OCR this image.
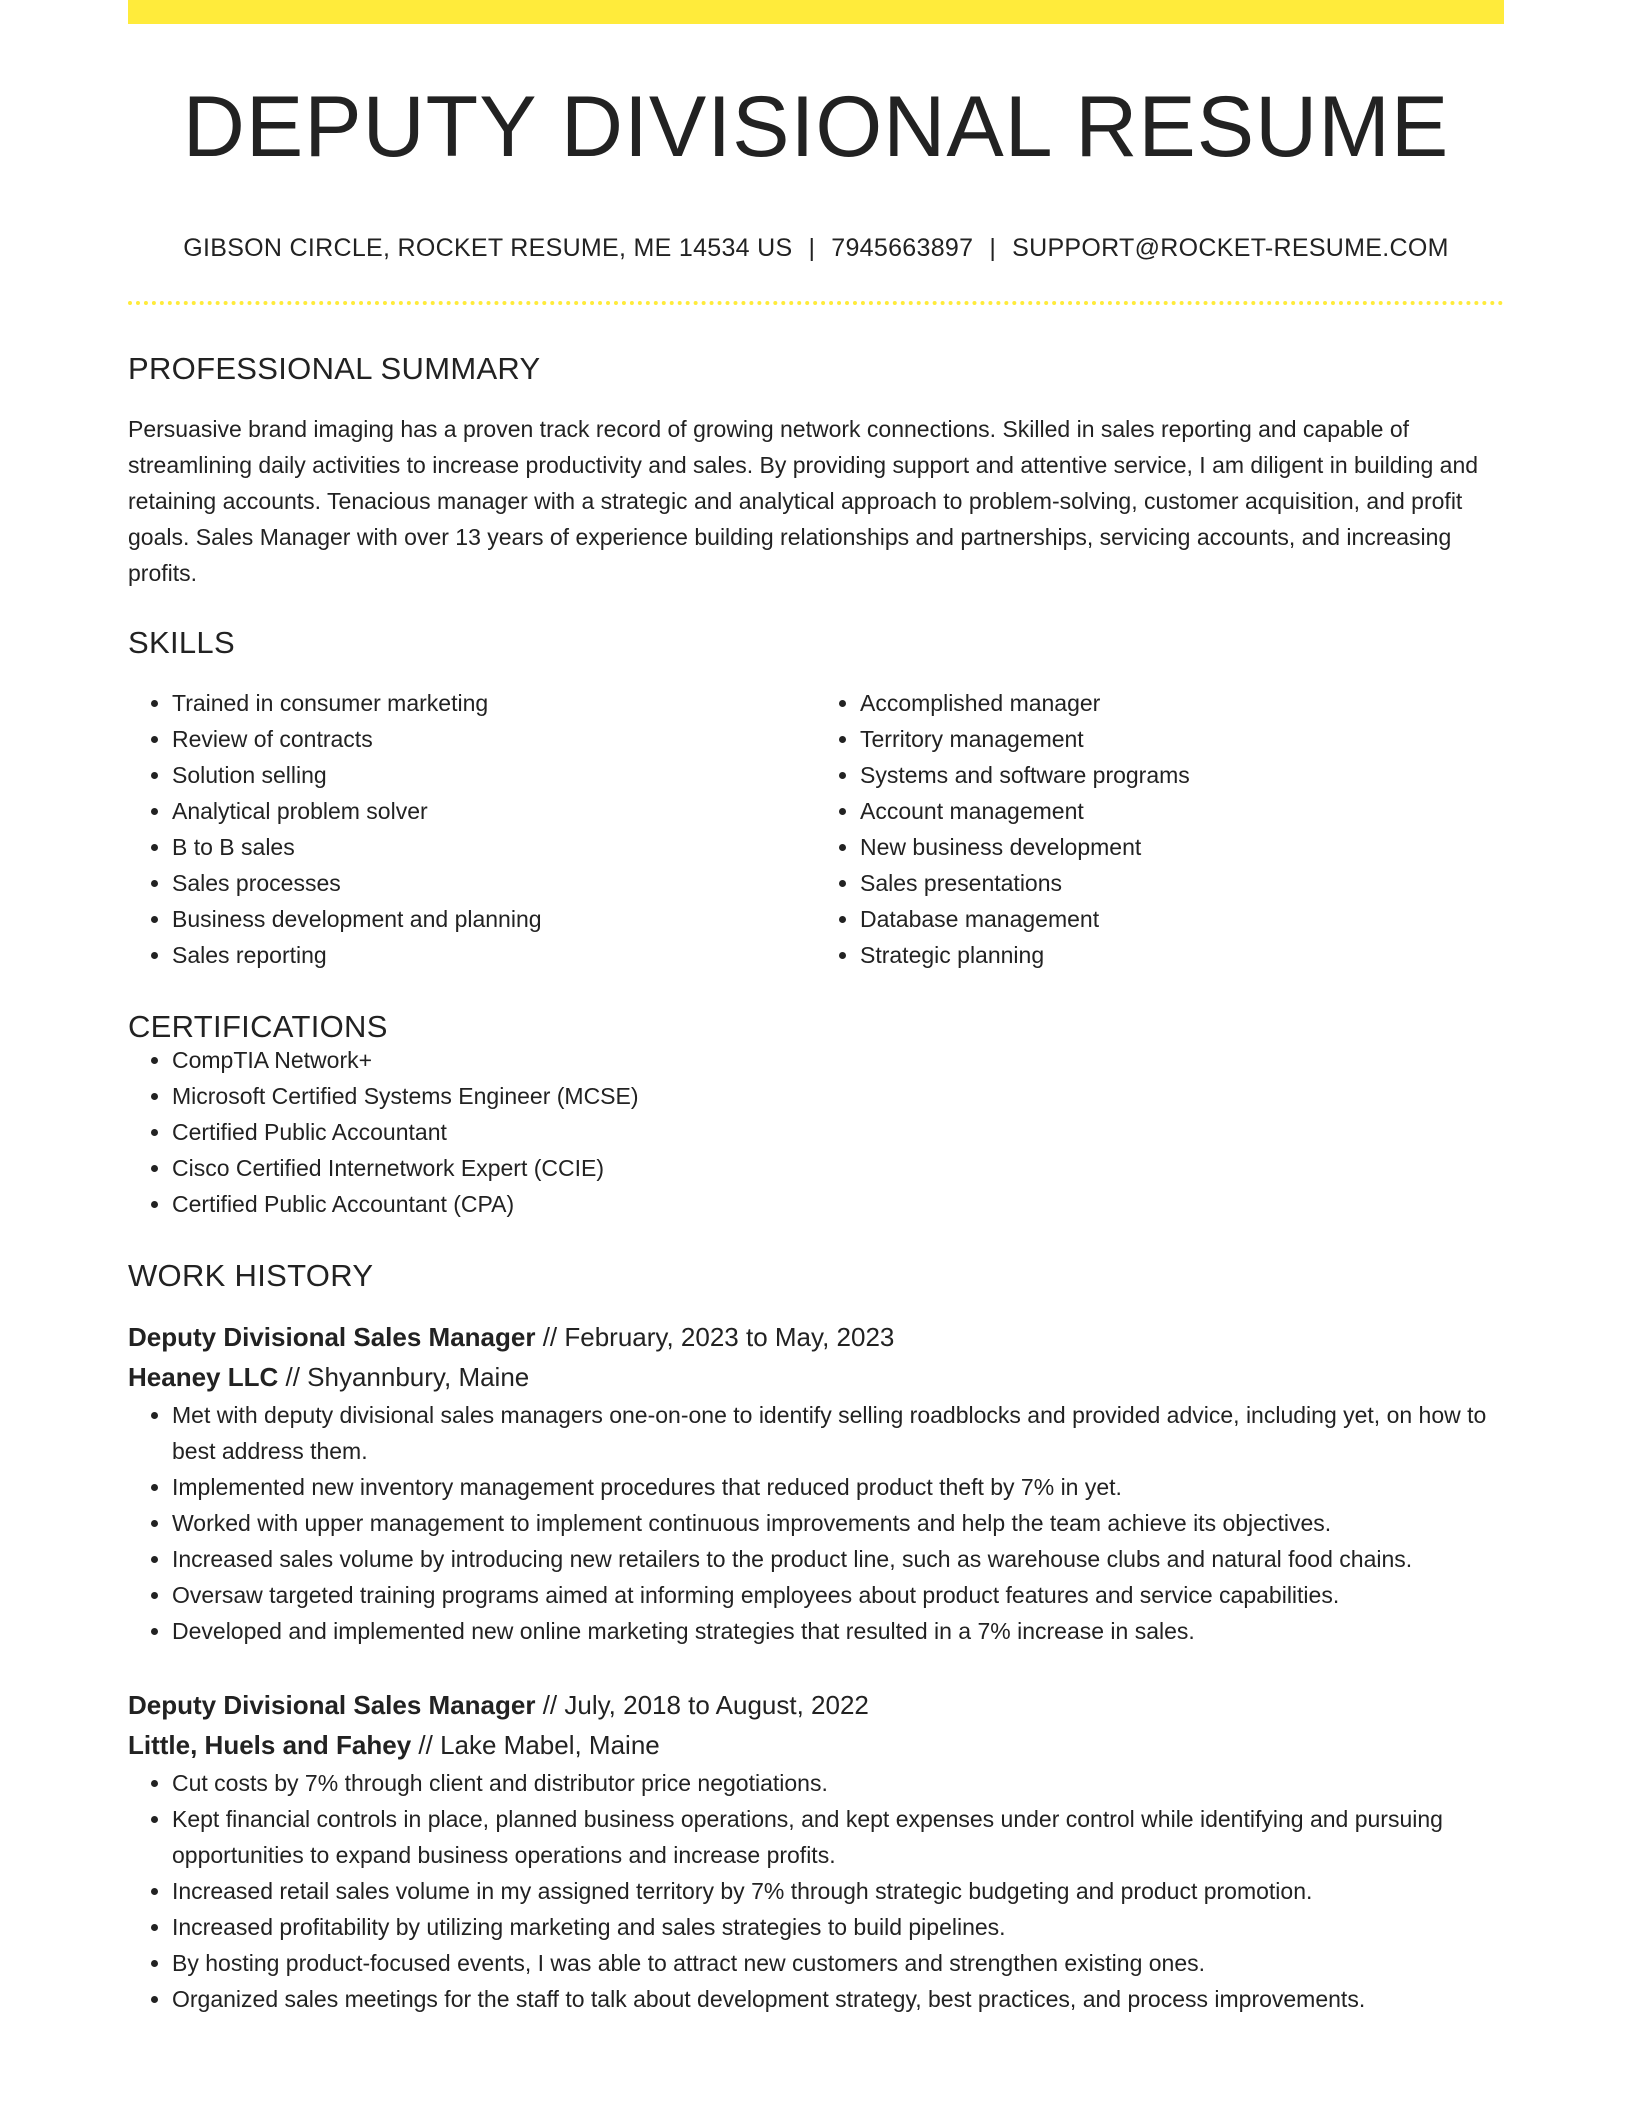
DEPUTY DIVISIONAL RESUME
GIBSON CIRCLE, ROCKET RESUME, ME 14534 US | 7945663897 | SUPPORT@ROCKET-RESUME.COM
PROFESSIONAL SUMMARY

Persuasive brand imaging has a proven track record of growing network connections. Skilled in sales reporting and capable of streamlining daily activities to increase productivity and sales. By providing support and attentive service, I am diligent in building and retaining accounts. Tenacious manager with a strategic and analytical approach to problem-solving, customer acquisition, and profit goals. Sales Manager with over 13 years of experience building relationships and partnerships, servicing accounts, and increasing profits.

SKILLS
• Trained in consumer marketing
• Review of contracts
• Solution selling
• Analytical problem solver
• B to B sales
• Sales processes
• Business development and planning
• Sales reporting
• Accomplished manager
• Territory management
• Systems and software programs
• Account management
• New business development
• Sales presentations
• Database management
• Strategic planning
CERTIFICATIONS
• CompTIA Network+
• Microsoft Certified Systems Engineer (MCSE)
• Certified Public Accountant
• Cisco Certified Internetwork Expert (CCIE)
• Certified Public Accountant (CPA)
WORK HISTORY
Deputy Divisional Sales Manager // February, 2023 to May, 2023
Heaney LLC // Shyannbury, Maine
• Met with deputy divisional sales managers one-on-one to identify selling roadblocks and provided advice, including yet, on how to best address them.
• Implemented new inventory management procedures that reduced product theft by 7% in yet.
• Worked with upper management to implement continuous improvements and help the team achieve its objectives.
• Increased sales volume by introducing new retailers to the product line, such as warehouse clubs and natural food chains.
• Oversaw targeted training programs aimed at informing employees about product features and service capabilities.
• Developed and implemented new online marketing strategies that resulted in a 7% increase in sales.
Deputy Divisional Sales Manager // July, 2018 to August, 2022
Little, Huels and Fahey // Lake Mabel, Maine
• Cut costs by 7% through client and distributor price negotiations.
• Kept financial controls in place, planned business operations, and kept expenses under control while identifying and pursuing opportunities to expand business operations and increase profits.
• Increased retail sales volume in my assigned territory by 7% through strategic budgeting and product promotion.
• Increased profitability by utilizing marketing and sales strategies to build pipelines.
• By hosting product-focused events, I was able to attract new customers and strengthen existing ones.
• Organized sales meetings for the staff to talk about development strategy, best practices, and process improvements.
